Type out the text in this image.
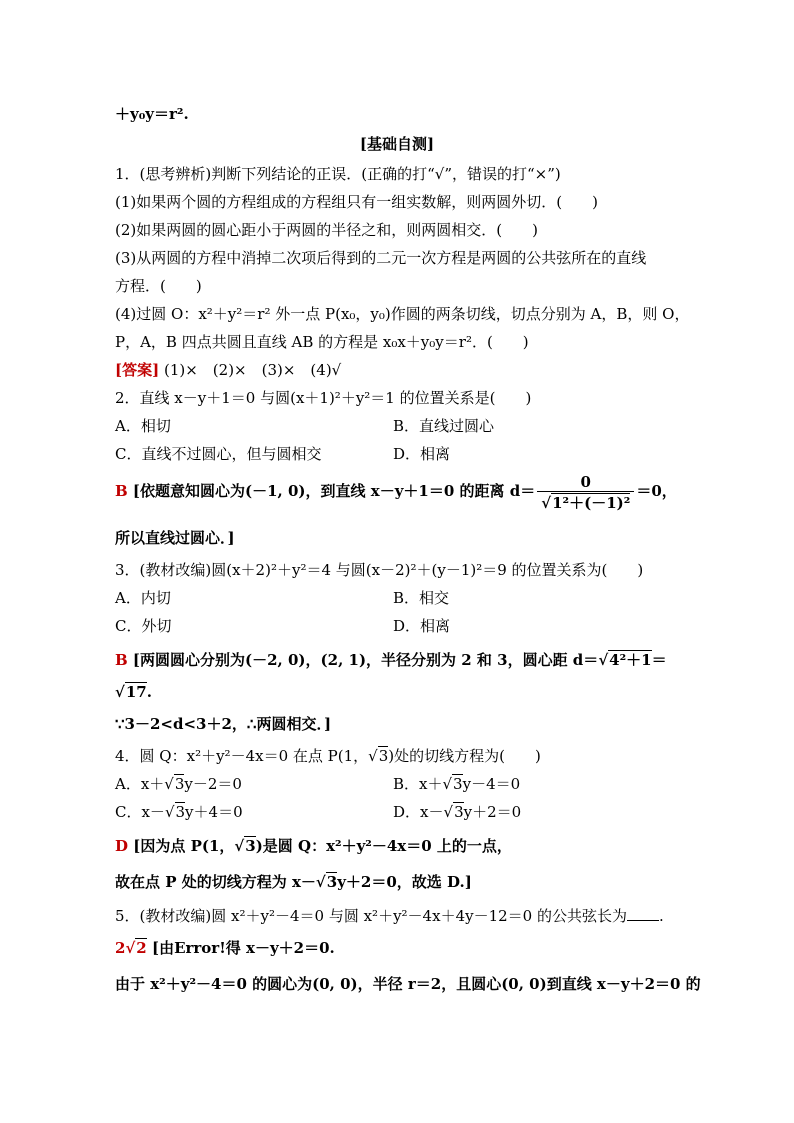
＋y₀y＝r².
[基础自测]
1．(思考辨析)判断下列结论的正误．(正确的打“√”，错误的打“×”)
(1)如果两个圆的方程组成的方程组只有一组实数解，则两圆外切．(　　)
(2)如果两圆的圆心距小于两圆的半径之和，则两圆相交．(　　)
(3)从两圆的方程中消掉二次项后得到的二元一次方程是两圆的公共弦所在的直线
方程．(　　)
(4)过圆 O：x²＋y²＝r² 外一点 P(x₀，y₀)作圆的两条切线，切点分别为 A，B，则 O，
P，A，B 四点共圆且直线 AB 的方程是 x₀x＋y₀y＝r²．(　　)
[答案] (1)×　(2)×　(3)×　(4)√
2．直线 x－y＋1＝0 与圆(x＋1)²＋y²＝1 的位置关系是(　　)
A．相切	B．直线过圆心
C．直线不过圆心，但与圆相交	D．相离
B [依题意知圆心为(－1, 0)，到直线 x－y＋1＝0 的距离 $d= \frac{0}{\text{√1²＋(－1)²}} =0$，
所以直线过圆心．]
3．(教材改编)圆(x＋2)²＋y²＝4 与圆(x－2)²＋(y－1)²＝9 的位置关系为(　　)
A．内切	B．相交
C．外切	D．相离
B [两圆圆心分别为(－2, 0)，(2, 1)，半径分别为 2 和 3，圆心距 d＝√4²＋1＝
√17.
∵3－2<d<3＋2，∴两圆相交．]
4．圆 Q：x²＋y²－4x＝0 在点 P(1，√3)处的切线方程为(　　)
A．x＋√3y－2＝0	B．x＋√3y－4＝0
C．x－√3y＋4＝0	D．x－√3y＋2＝0
D [因为点 P(1，√3)是圆 Q：x²＋y²－4x＝0 上的一点，
故在点 P 处的切线方程为 x－√3y＋2＝0，故选 D.]
5．(教材改编)圆 x²＋y²－4＝0 与圆 x²＋y²－4x＋4y－12＝0 的公共弦长为 .
2√2 [由Error!得 x－y＋2＝0.
由于 x²＋y²－4＝0 的圆心为(0, 0)，半径 r＝2，且圆心(0, 0)到直线 x－y＋2＝0 的
